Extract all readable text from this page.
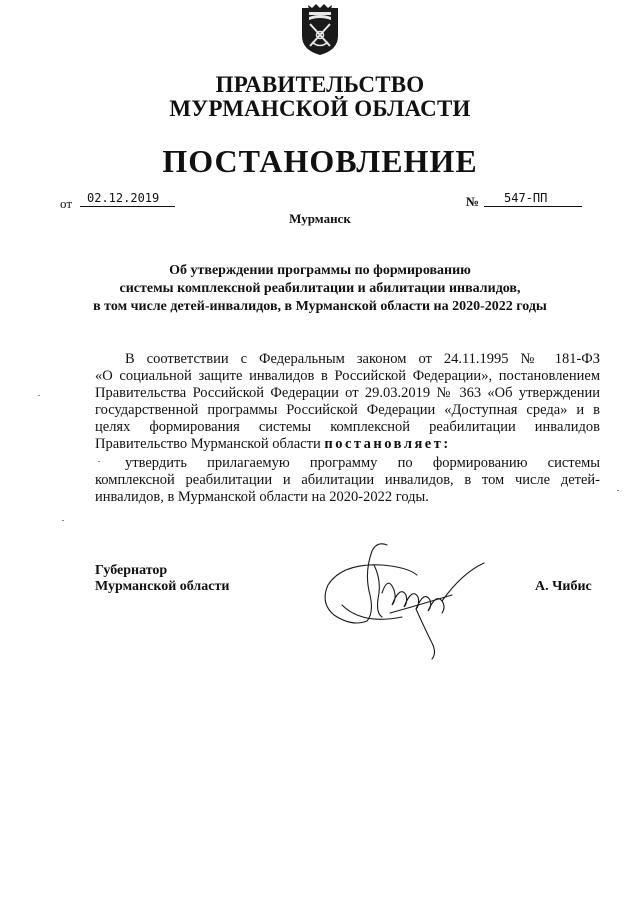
ПРАВИТЕЛЬСТВО
МУРМАНСКОЙ ОБЛАСТИ
ПОСТАНОВЛЕНИЕ
от	02.12.2019	№	547-ПП
Мурманск
Об утверждении программы по формированию
системы комплексной реабилитации и абилитации инвалидов,
в том числе детей-инвалидов, в Мурманской области на 2020-2022 годы
В соответствии с Федеральным законом от 24.11.1995 № 181-ФЗ
«О социальной защите инвалидов в Российской Федерации», постановлением
Правительства Российской Федерации от 29.03.2019 № 363 «Об утверждении
государственной программы Российской Федерации «Доступная среда» и в
целях формирования системы комплексной реабилитации инвалидов
Правительство Мурманской области постановляет:
утвердить прилагаемую программу по формированию системы
комплексной реабилитации и абилитации инвалидов, в том числе детей-
инвалидов, в Мурманской области на 2020-2022 годы.
Губернатор
Мурманской области	А. Чибис
